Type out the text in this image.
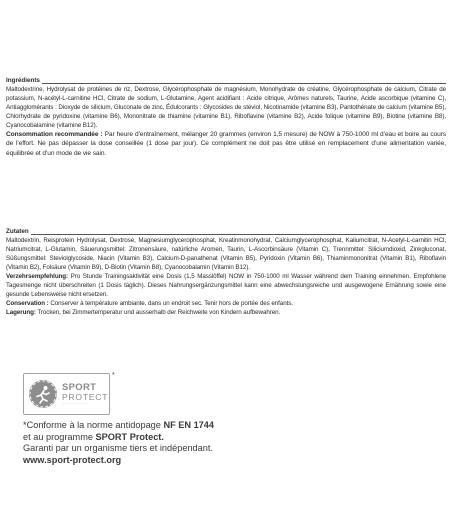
Ingrédients

Maltodextrine, Hydrolysat de protéines de riz, Dextrose, Glycérophosphate de magnésium, Monohydrate de créatine, Glycérophosphate de calcium, Citrate de potassium, N-acétyl-L-carnitine HCl, Citrate de sodium, L-Glutamine, Agent acidifiant : Acide citrique, Arômes naturels, Taurine, Acide ascorbique (vitamine C), Antiagglomérants : Dioxyde de silicium, Gluconate de zinc, Édulcorants : Glycosides de stéviol, Nicotinamide (vitamine B3), Pantothénate de calcium (vitamine B5), Chlorhydrate de pyridoxine (vitamine B6), Mononitrate de thiamine (vitamine B1), Riboflavine (vitamine B2), Acide folique (vitamine B9), Biotine (vitamine B8), Cyanocobalamine (vitamine B12).

Consommation recommandée : Par heure d’entraînement, mélanger 20 grammes (environ 1,5 mesure) de NOW à 750-1000 ml d’eau et boire au cours de l’effort. Ne pas dépasser la dose conseillée (1 dose par jour). Ce complément ne doit pas être utilisé en remplacement d’une alimentation variée, équilibrée et d’un mode de vie sain.

Zutaten

Maltodextrin, Reisprotein Hydrolysat, Dextrose, Magnesiumglycerophosphat, Kreatinmonohydrat, Calciumglycerophosphat, Kaliumcitrat, N-Acetyl-L-carnitin HCl, Natriumcitrat, L-Glutamin, Säuerungsmittel: Zitronensäure, natürliche Aromen, Taurin, L-Ascorbinsäure (Vitamin C), Trennmittel: Siliciumdioxid, Zinkgluconat, Süßungsmittel: Steviolglycoside, Niacin (Vitamin B3), Calcium-D-panathenat (Vitamin B5), Pyridoxin (Vitamin B6), Thiaminmononitrat (Vitamin B1), Riboflavin (Vitamin B2), Folsäure (Vitamin B9), D-Biotin (Vitamin B8), Cyanocobalamin (Vitamin B12).

Verzehrsempfehlung: Pro Stunde Trainingsaktivität eine Dosis (1,5 Masslöffel) NOW in 750-1000 ml Wasser während dem Training einnehmen. Empfohlene Tagesmenge nicht überschreiten (1 Dosis täglich). Dieses Nahrungsergänzungsmittel kann eine abwechslungsreiche und ausgewogene Ernährung sowie eine gesunde Lebensweise nicht ersetzen.

Conservation : Conserver à température ambiante, dans un endroit sec. Tenir hors de portée des enfants.

Lagerung: Trocken, bei Zimmertemperatur und ausserhalb der Reichweite von Kindern aufbewahren.

SPORT
PROTECT
— — — — — — — — —
*

*Conforme à la norme antidopage NF EN 1744

et au programme SPORT Protect.

Garanti par un organisme tiers et indépendant.

www.sport-protect.org
